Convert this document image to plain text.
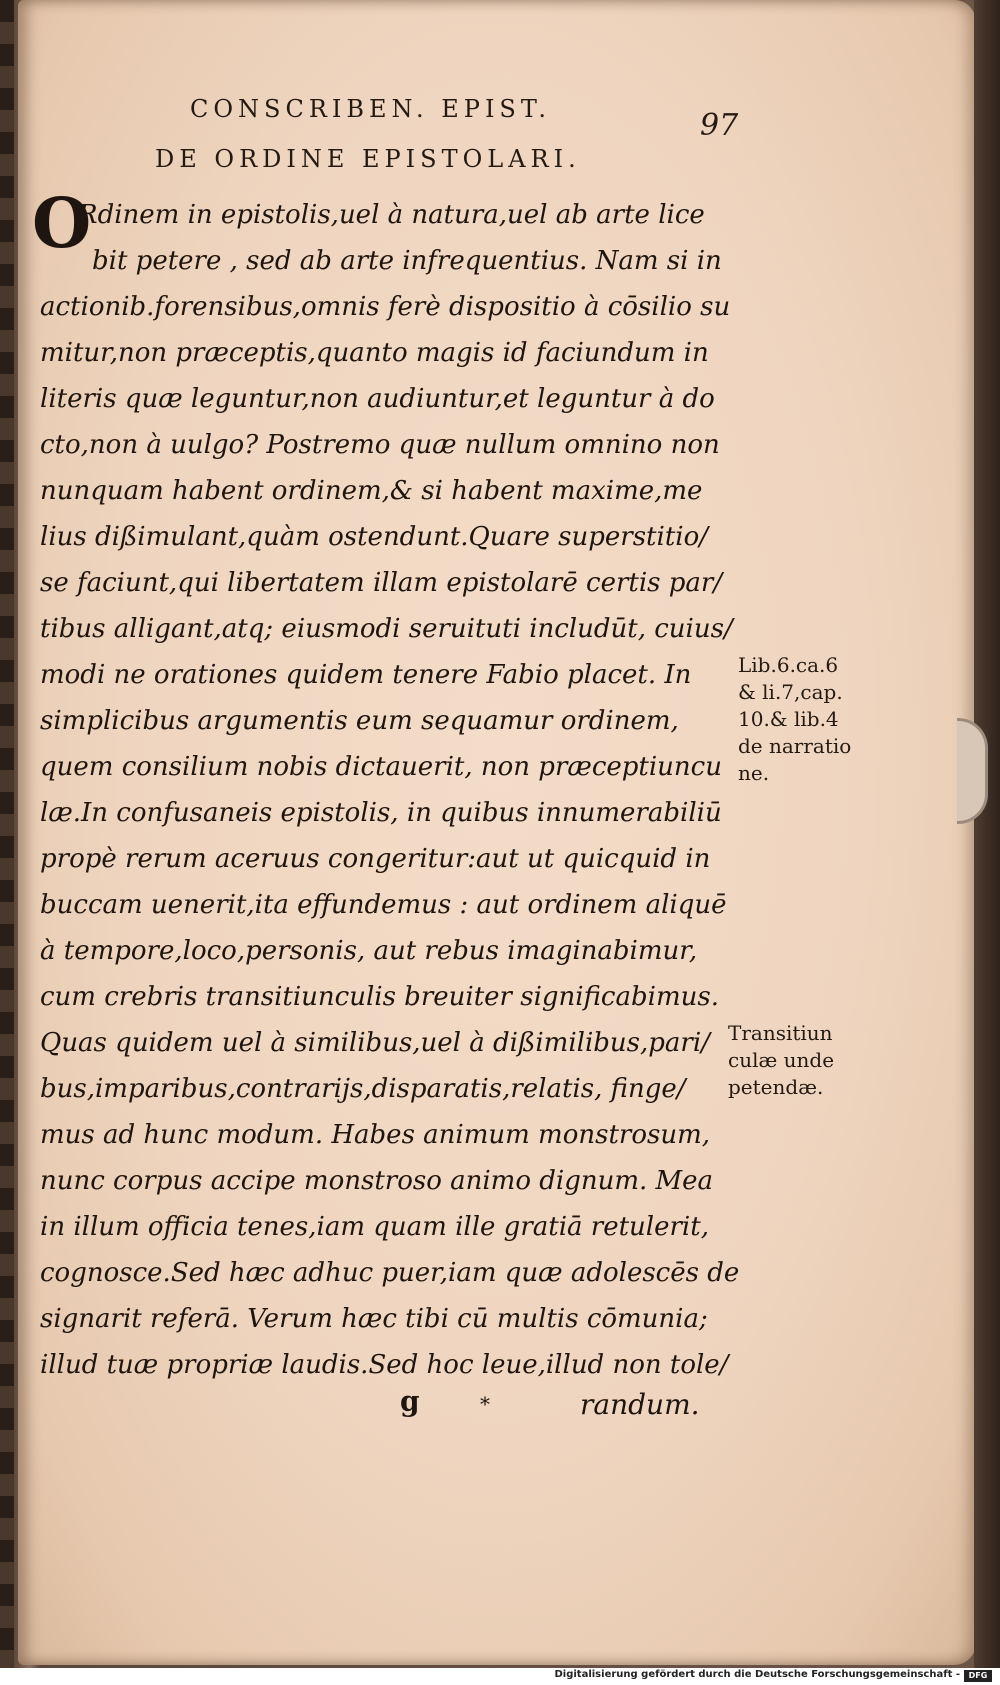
CONSCRIBEN. EPIST.	97
DE ORDINE EPISTOLARI.
O
Rdinem in epistolis,uel à natura,uel ab arte lice
bit petere , sed ab arte infrequentius. Nam si in
actionib.forensibus,omnis ferè dispositio à cōsilio su
mitur,non præceptis,quanto magis id faciundum in
literis quæ leguntur,non audiuntur,et leguntur à do
cto,non à uulgo? Postremo quæ nullum omnino non
nunquam habent ordinem,& si habent maxime,me
lius dißimulant,quàm ostendunt.Quare superstitio/
se faciunt,qui libertatem illam epistolarē certis par/
tibus alligant,atq; eiusmodi seruituti includūt, cuius/
modi ne orationes quidem tenere Fabio placet. In
simplicibus argumentis eum sequamur ordinem,
quem consilium nobis dictauerit, non præceptiuncu
læ.In confusaneis epistolis, in quibus innumerabiliū
propè rerum aceruus congeritur:aut ut quicquid in
buccam uenerit,ita effundemus : aut ordinem aliquē
à tempore,loco,personis, aut rebus imaginabimur,
cum crebris transitiunculis breuiter significabimus.
Quas quidem uel à similibus,uel à dißimilibus,pari/
bus,imparibus,contrarijs,disparatis,relatis, finge/
mus ad hunc modum. Habes animum monstrosum,
nunc corpus accipe monstroso animo dignum. Mea
in illum officia tenes,iam quam ille gratiā retulerit,
cognosce.Sed hæc adhuc puer,iam quæ adolescēs de
signarit referā. Verum hæc tibi cū multis cōmunia;
illud tuæ propriæ laudis.Sed hoc leue,illud non tole/
Lib.6.ca.6
& li.7,cap.
10.& lib.4
de narratio
ne.
Transitiun
culæ unde
petendæ.
g	*	randum.
Digitalisierung gefördert durch die Deutsche Forschungsgemeinschaft -	DFG
